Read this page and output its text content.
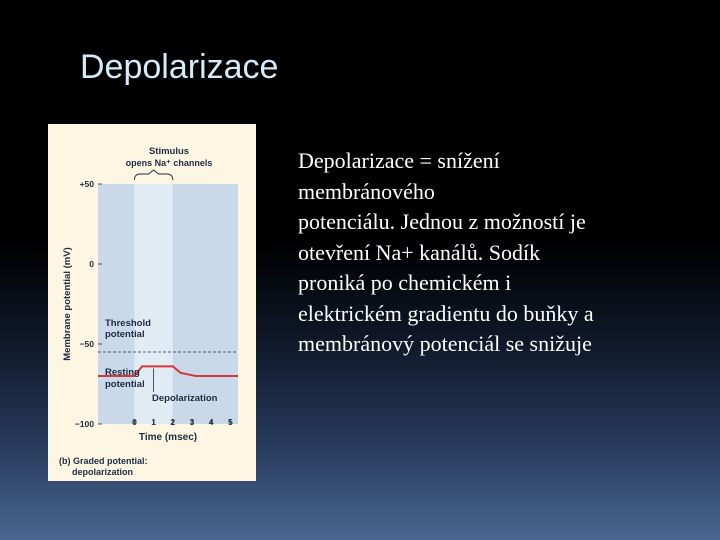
Depolarizace
+50
0
−50
−100	0 1 2 3 4 5
Stimulus
opens Na⁺ channels
Threshold
potential
Resting
potential
Depolarization
Time (msec)
Membrane potential (mV)
(b) Graded potential:
depolarization
Depolarizace = snížení
membránového
potenciálu. Jednou z možností je
otevření Na+ kanálů. Sodík
proniká po chemickém i
elektrickém gradientu do buňky a
membránový potenciál se snižuje
